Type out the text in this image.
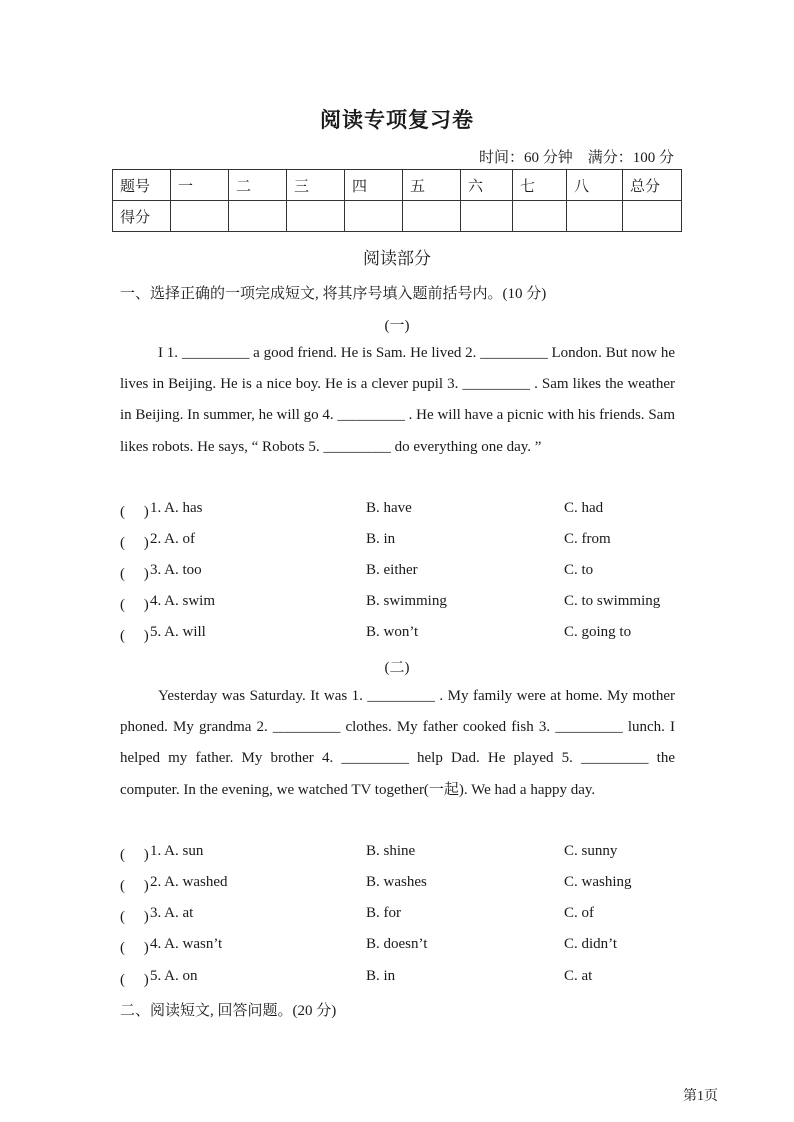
阅读专项复习卷
时间：60 分钟　满分：100 分
题号	一	二	三	四	五	六	七	八	总分
得分									
阅读部分
一、选择正确的一项完成短文, 将其序号填入题前括号内。(10 分)
(一)

I 1. _________ a good friend. He is Sam. He lived 2. _________ London. But now he lives in Beijing. He is a nice boy. He is a clever pupil 3. _________ . Sam likes the weather in Beijing. In summer, he will go 4. _________ . He will have a picnic with his friends. Sam likes robots. He says, “ Robots 5. _________ do everything one day. ”

(　 ) 1. A. has	B. have	C. had
(　 ) 2. A. of	B. in	C. from
(　 ) 3. A. too	B. either	C. to
(　 ) 4. A. swim	B. swimming	C. to swimming
(　 ) 5. A. will	B. won’t	C. going to
(二)

Yesterday was Saturday. It was 1. _________ . My family were at home. My mother phoned. My grandma 2. _________ clothes. My father cooked fish 3. _________ lunch. I helped my father. My brother 4. _________ help Dad. He played 5. _________ the computer. In the evening, we watched TV together(一起). We had a happy day.

(　 ) 1. A. sun	B. shine	C. sunny
(　 ) 2. A. washed	B. washes	C. washing
(　 ) 3. A. at	B. for	C. of
(　 ) 4. A. wasn’t	B. doesn’t	C. didn’t
(　 ) 5. A. on	B. in	C. at
二、阅读短文, 回答问题。(20 分)
第1页
